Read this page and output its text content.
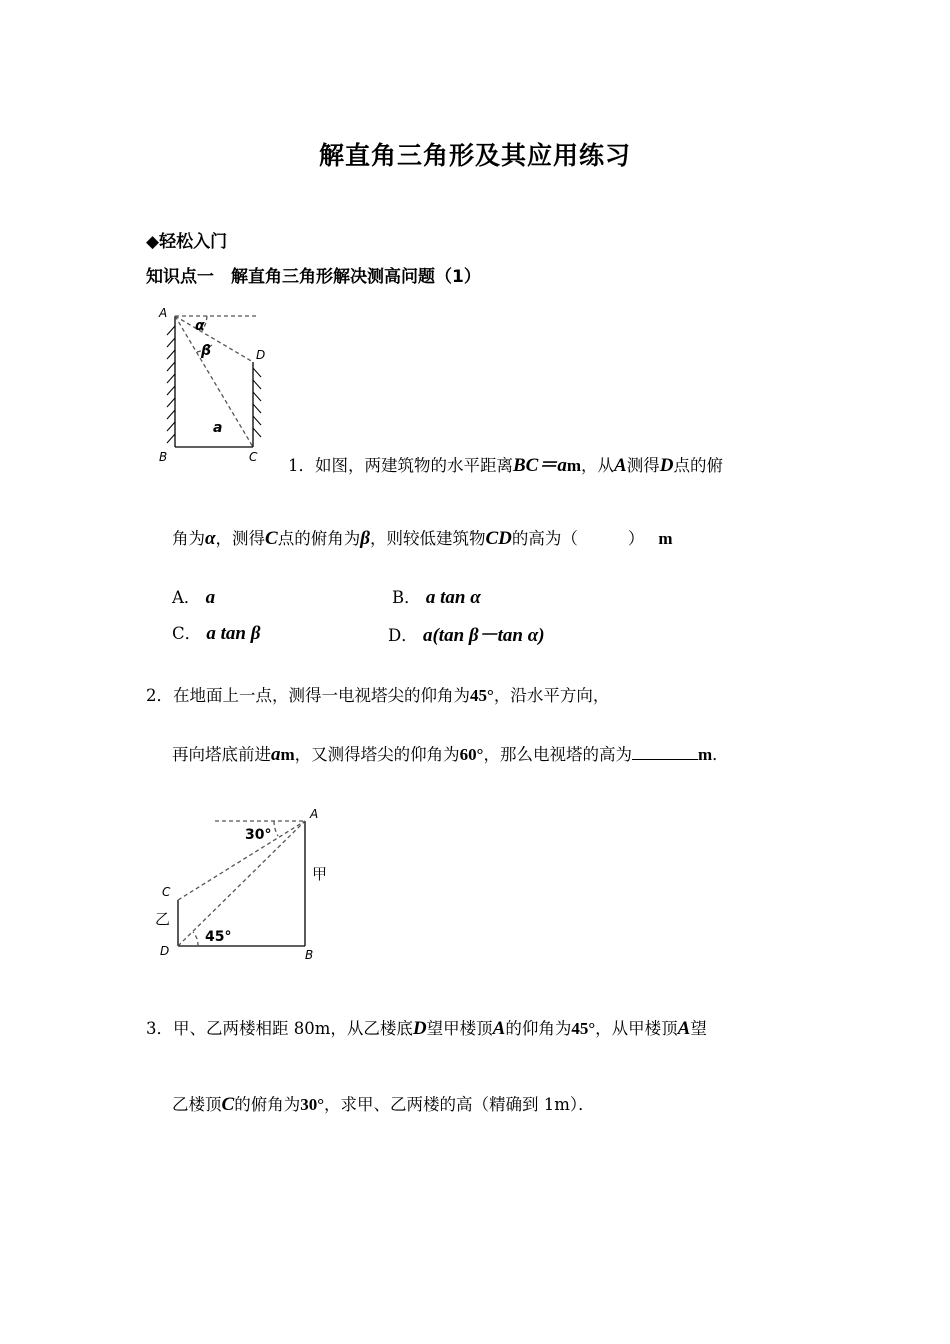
解直角三角形及其应用练习
◆轻松入门
知识点一　解直角三角形解决测高问题（1）
A
B	C
D
α
β
a
1．如图，两建筑物的水平距离BC＝am，从A测得D点的俯
角为α，测得C点的俯角为β，则较低建筑物CD的高为（	） m
A． a	B． a tan α
C． a tan β	D． a(tan β－tan α)
2．在地面上一点，测得一电视塔尖的仰角为45°，沿水平方向，
再向塔底前进am，又测得塔尖的仰角为60°，那么电视塔的高为	m．
A
B
C
D
甲
乙
30°
45°
3．甲、乙两楼相距 80m，从乙楼底D望甲楼顶A的仰角为45°，从甲楼顶A望
乙楼顶C的俯角为30°，求甲、乙两楼的高（精确到 1m）．
